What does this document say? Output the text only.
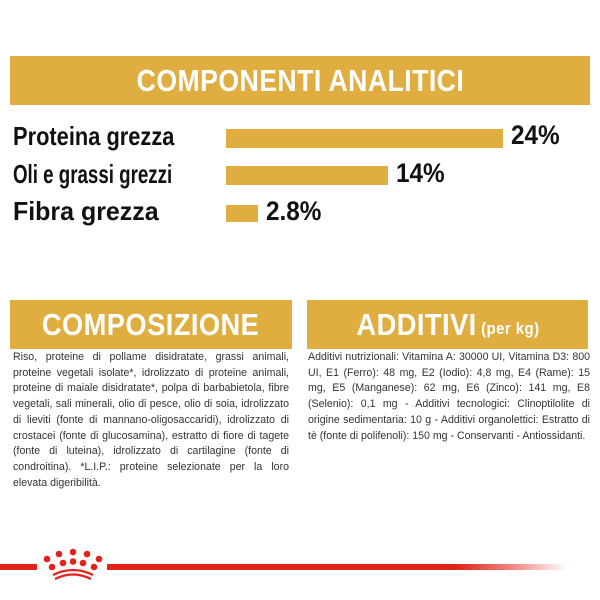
COMPONENTI ANALITICI
Proteina grezza	24%
Oli e grassi grezzi	14%
Fibra grezza	2.8%
COMPOSIZIONE
Riso, proteine di pollame disidratate, grassi animali, proteine vegetali isolate*, idrolizzato di proteine animali, proteine di maiale disidratate*, polpa di barbabietola, fibre vegetali, sali minerali, olio di pesce, olio di soia, idrolizzato di lieviti (fonte di mannano-oligosaccaridi), idrolizzato di crostacei (fonte di glucosamina), estratto di fiore di tagete (fonte di luteina), idrolizzato di cartilagine (fonte di condroitina). *L.I.P.: proteine selezionate per la loro elevata digeribilità.
ADDITIVI (per kg)
Additivi nutrizionali: Vitamina A: 30000 UI, Vitamina D3: 800 UI, E1 (Ferro): 48 mg, E2 (Iodio): 4,8 mg, E4 (Rame): 15 mg, E5 (Manganese): 62 mg, E6 (Zinco): 141 mg, E8 (Selenio): 0,1 mg - Additivi tecnologici: Clinoptilolite di origine sedimentaria: 10 g - Additivi organolettici: Estratto di tè (fonte di polifenoli): 150 mg - Conservanti - Antiossidanti.
